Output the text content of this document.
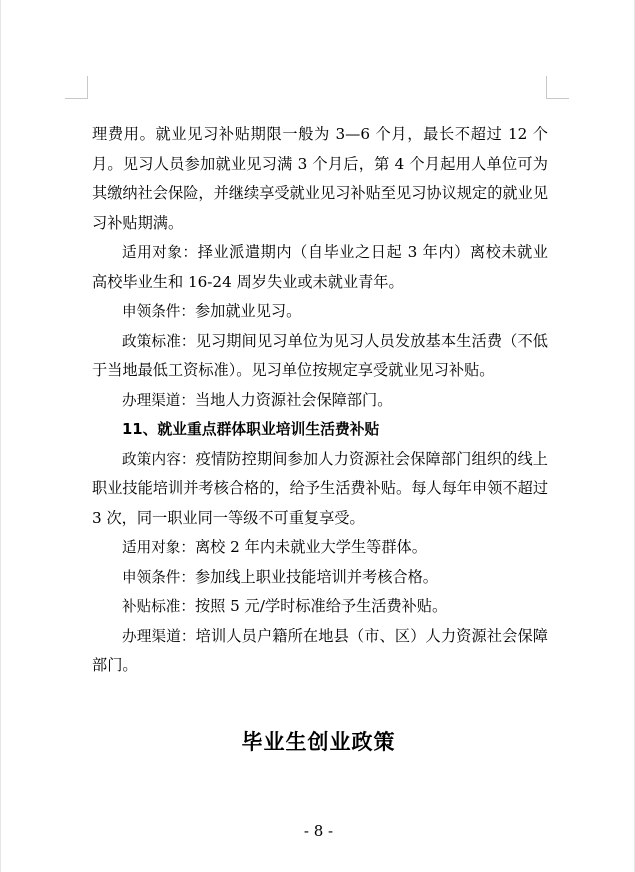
理费用。就业见习补贴期限一般为 3—6 个月，最长不超过 12 个月。见习人员参加就业见习满 3 个月后，第 4 个月起用人单位可为其缴纳社会保险，并继续享受就业见习补贴至见习协议规定的就业见习补贴期满。

适用对象：择业派遣期内（自毕业之日起 3 年内）离校未就业高校毕业生和 16-24 周岁失业或未就业青年。

申领条件：参加就业见习。

政策标准：见习期间见习单位为见习人员发放基本生活费（不低于当地最低工资标准）。见习单位按规定享受就业见习补贴。

办理渠道：当地人力资源社会保障部门。

11、就业重点群体职业培训生活费补贴

政策内容：疫情防控期间参加人力资源社会保障部门组织的线上职业技能培训并考核合格的，给予生活费补贴。每人每年申领不超过 3 次，同一职业同一等级不可重复享受。

适用对象：离校 2 年内未就业大学生等群体。

申领条件：参加线上职业技能培训并考核合格。

补贴标准：按照 5 元/学时标准给予生活费补贴。

办理渠道：培训人员户籍所在地县（市、区）人力资源社会保障部门。

毕业生创业政策
- 8 -
